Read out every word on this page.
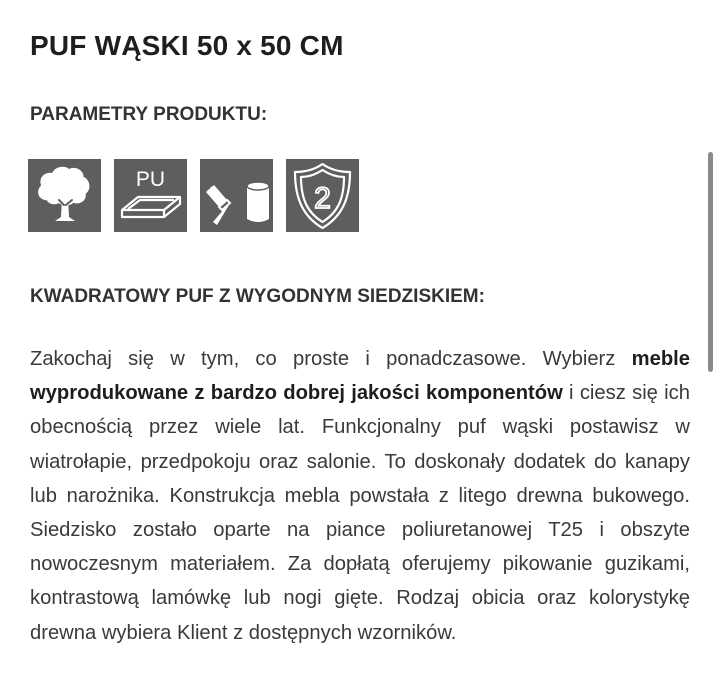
PUF WĄSKI 50 x 50 CM
PARAMETRY PRODUKTU:
PU
2
KWADRATOWY PUF Z WYGODNYM SIEDZISKIEM:

Zakochaj się w tym, co proste i ponadczasowe. Wybierz meble wyprodukowane z bardzo dobrej jakości komponentów i ciesz się ich obecnością przez wiele lat. Funkcjonalny puf wąski postawisz w wiatrołapie, przedpokoju oraz salonie. To doskonały dodatek do kanapy lub narożnika. Konstrukcja mebla powstała z litego drewna bukowego. Siedzisko zostało oparte na piance poliuretanowej T25 i obszyte nowoczesnym materiałem. Za dopłatą oferujemy pikowanie guzikami, kontrastową lamówkę lub nogi gięte. Rodzaj obicia oraz kolorystykę drewna wybiera Klient z dostępnych wzorników.
